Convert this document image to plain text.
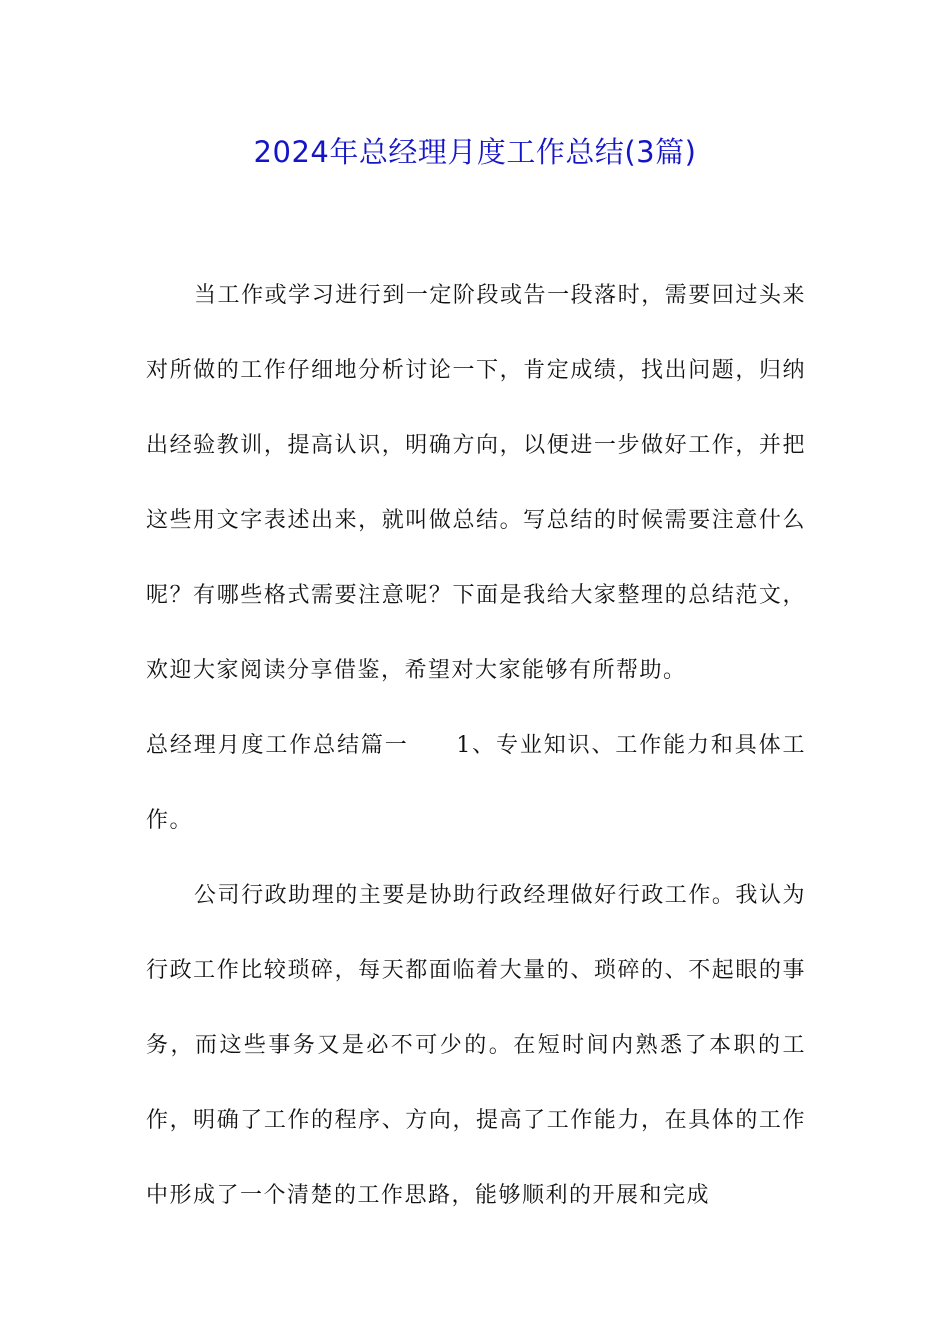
2024年总经理月度工作总结(3篇)

当工作或学习进行到一定阶段或告一段落时，需要回过头来对所做的工作仔细地分析讨论一下，肯定成绩，找出问题，归纳出经验教训，提高认识，明确方向，以便进一步做好工作，并把这些用文字表述出来，就叫做总结。写总结的时候需要注意什么呢？有哪些格式需要注意呢？下面是我给大家整理的总结范文，欢迎大家阅读分享借鉴，希望对大家能够有所帮助。

总经理月度工作总结篇一　　 1、专业知识、工作能力和具体工作。

公司行政助理的主要是协助行政经理做好行政工作。我认为行政工作比较琐碎，每天都面临着大量的、琐碎的、不起眼的事务，而这些事务又是必不可少的。在短时间内熟悉了本职的工作，明确了工作的程序、方向，提高了工作能力，在具体的工作中形成了一个清楚的工作思路，能够顺利的开展和完成
